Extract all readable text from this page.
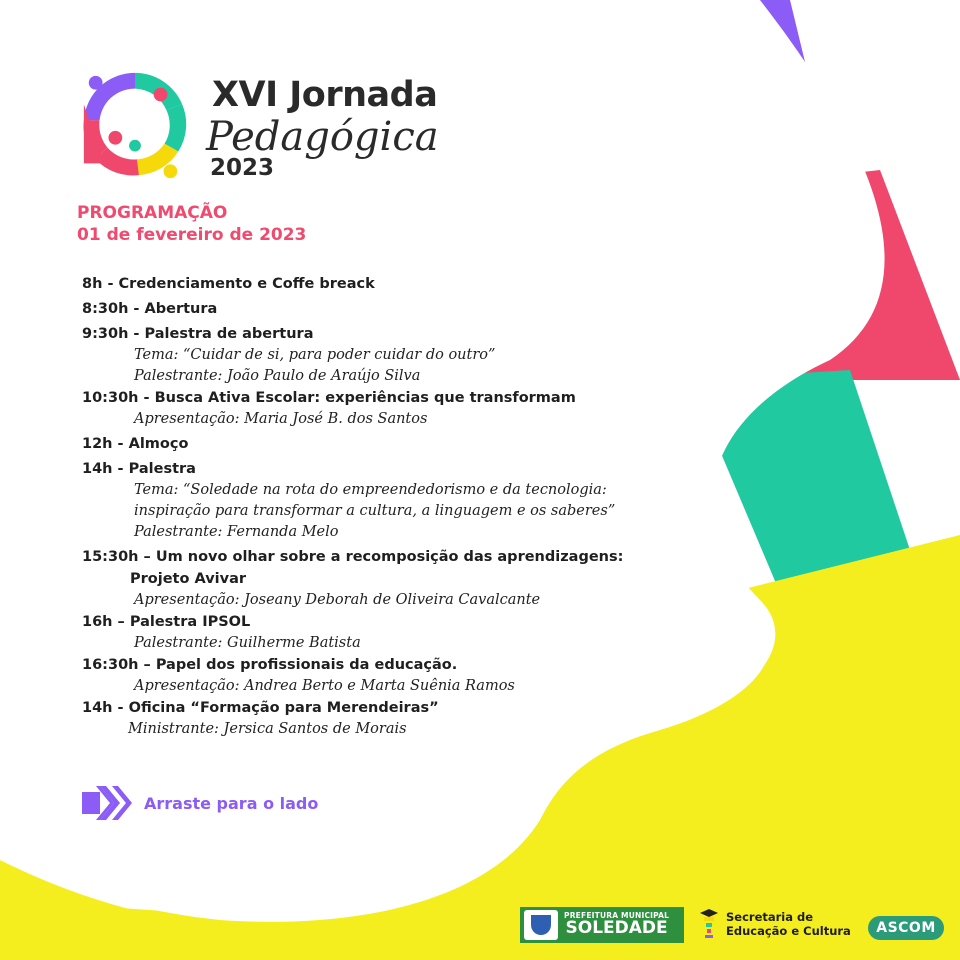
XVI Jornada
Pedagógica
2023
PROGRAMAÇÃO
01 de fevereiro de 2023
8h - Credenciamento e Coffe breack
8:30h - Abertura
9:30h - Palestra de abertura
Tema: “Cuidar de si, para poder cuidar do outro”
Palestrante: João Paulo de Araújo Silva
10:30h - Busca Ativa Escolar: experiências que transformam
Apresentação: Maria José B. dos Santos
12h - Almoço
14h - Palestra
Tema: “Soledade na rota do empreendedorismo e da tecnologia:
inspiração para transformar a cultura, a linguagem e os saberes”
Palestrante: Fernanda Melo
15:30h – Um novo olhar sobre a recomposição das aprendizagens:
Projeto Avivar
Apresentação: Joseany Deborah de Oliveira Cavalcante
16h – Palestra IPSOL
Palestrante: Guilherme Batista
16:30h – Papel dos profissionais da educação.
Apresentação: Andrea Berto e Marta Suênia Ramos
14h - Oficina “Formação para Merendeiras”
Ministrante: Jersica Santos de Morais
Arraste para o lado
PREFEITURA MUNICIPAL
SOLEDADE
Secretaria de
Educação e Cultura	ASCOM
